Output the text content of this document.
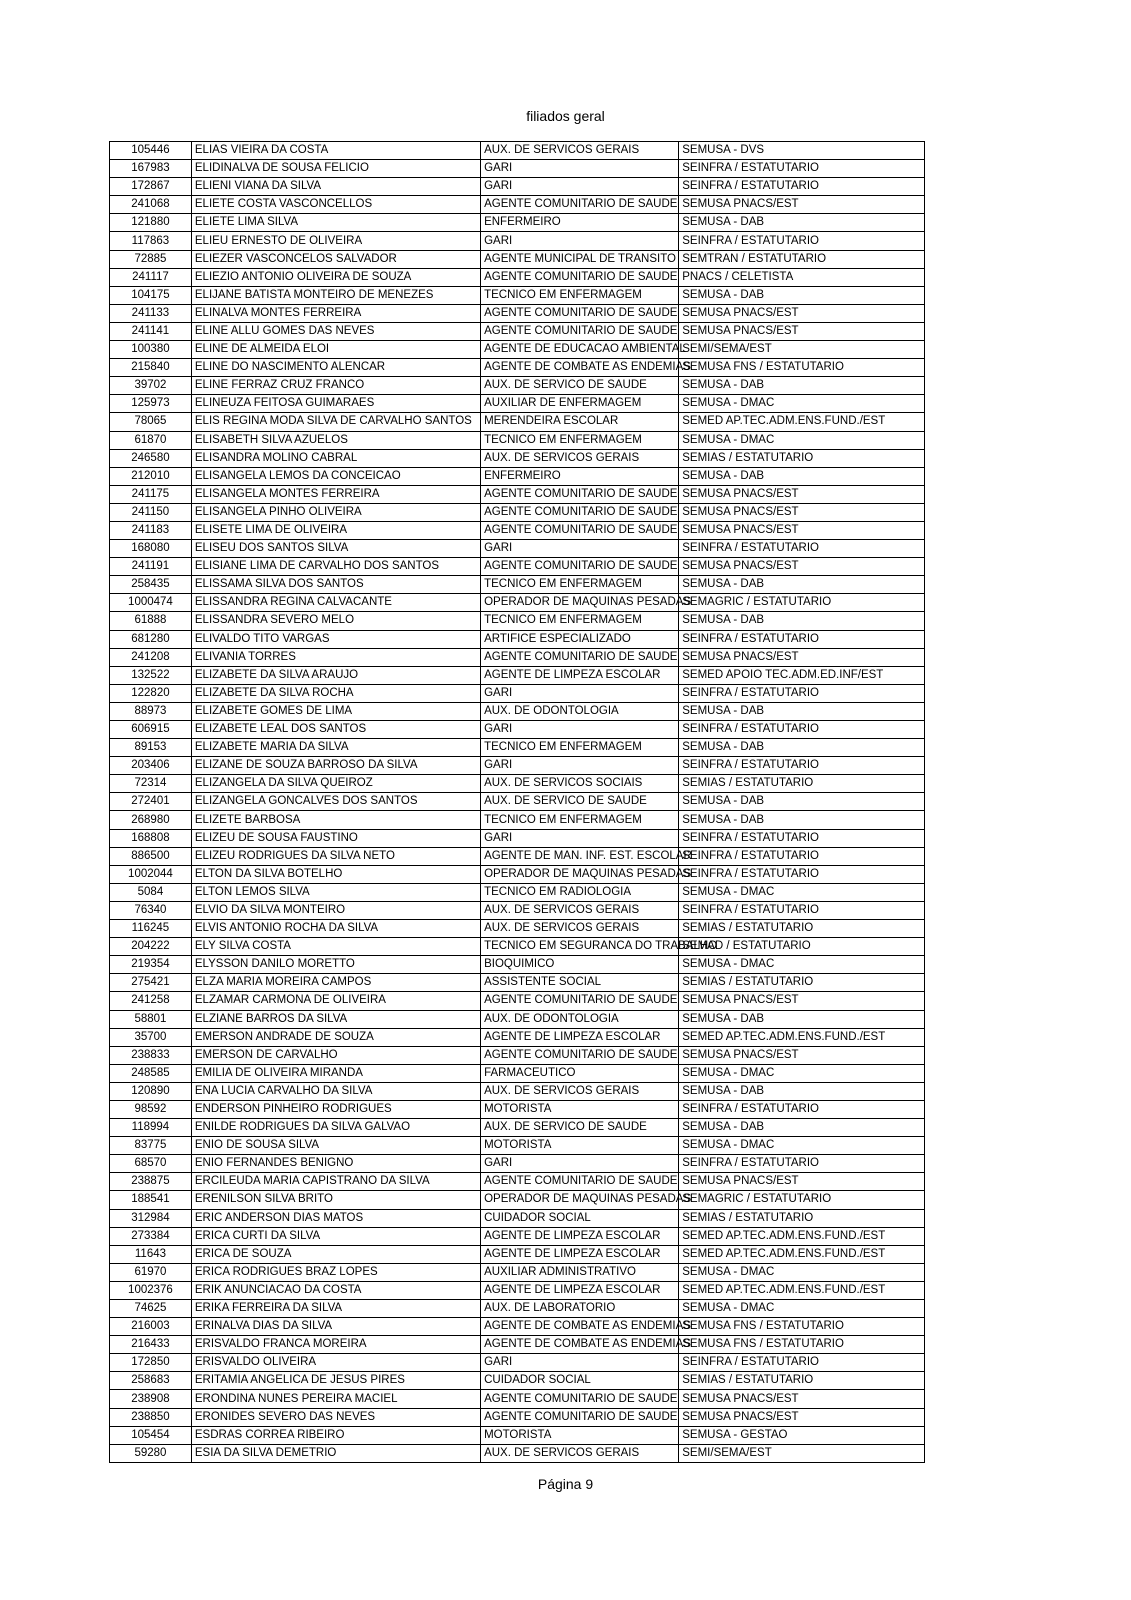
filiados geral
105446	ELIAS VIEIRA DA COSTA	AUX. DE SERVICOS GERAIS	SEMUSA - DVS
167983	ELIDINALVA DE SOUSA FELICIO	GARI	SEINFRA / ESTATUTARIO
172867	ELIENI VIANA DA SILVA	GARI	SEINFRA / ESTATUTARIO
241068	ELIETE COSTA VASCONCELLOS	AGENTE COMUNITARIO DE SAUDE	SEMUSA PNACS/EST
121880	ELIETE LIMA SILVA	ENFERMEIRO	SEMUSA - DAB
117863	ELIEU ERNESTO DE OLIVEIRA	GARI	SEINFRA / ESTATUTARIO
72885	ELIEZER VASCONCELOS SALVADOR	AGENTE MUNICIPAL DE TRANSITO	SEMTRAN / ESTATUTARIO
241117	ELIEZIO ANTONIO OLIVEIRA DE SOUZA	AGENTE COMUNITARIO DE SAUDE	PNACS / CELETISTA
104175	ELIJANE BATISTA MONTEIRO DE MENEZES	TECNICO EM ENFERMAGEM	SEMUSA - DAB
241133	ELINALVA MONTES FERREIRA	AGENTE COMUNITARIO DE SAUDE	SEMUSA PNACS/EST
241141	ELINE ALLU GOMES DAS NEVES	AGENTE COMUNITARIO DE SAUDE	SEMUSA PNACS/EST
100380	ELINE DE ALMEIDA ELOI	AGENTE DE EDUCACAO AMBIENTAL	SEMI/SEMA/EST
215840	ELINE DO NASCIMENTO ALENCAR	AGENTE DE COMBATE AS ENDEMIAS	SEMUSA FNS / ESTATUTARIO
39702	ELINE FERRAZ CRUZ FRANCO	AUX. DE SERVICO DE SAUDE	SEMUSA - DAB
125973	ELINEUZA FEITOSA GUIMARAES	AUXILIAR DE ENFERMAGEM	SEMUSA - DMAC
78065	ELIS REGINA MODA SILVA DE CARVALHO SANTOS	MERENDEIRA ESCOLAR	SEMED AP.TEC.ADM.ENS.FUND./EST
61870	ELISABETH SILVA AZUELOS	TECNICO EM ENFERMAGEM	SEMUSA - DMAC
246580	ELISANDRA MOLINO CABRAL	AUX. DE SERVICOS GERAIS	SEMIAS / ESTATUTARIO
212010	ELISANGELA LEMOS DA CONCEICAO	ENFERMEIRO	SEMUSA - DAB
241175	ELISANGELA MONTES FERREIRA	AGENTE COMUNITARIO DE SAUDE	SEMUSA PNACS/EST
241150	ELISANGELA PINHO OLIVEIRA	AGENTE COMUNITARIO DE SAUDE	SEMUSA PNACS/EST
241183	ELISETE LIMA DE OLIVEIRA	AGENTE COMUNITARIO DE SAUDE	SEMUSA PNACS/EST
168080	ELISEU DOS SANTOS SILVA	GARI	SEINFRA / ESTATUTARIO
241191	ELISIANE LIMA DE CARVALHO DOS SANTOS	AGENTE COMUNITARIO DE SAUDE	SEMUSA PNACS/EST
258435	ELISSAMA SILVA DOS SANTOS	TECNICO EM ENFERMAGEM	SEMUSA - DAB
1000474	ELISSANDRA REGINA CALVACANTE	OPERADOR DE MAQUINAS PESADAS	SEMAGRIC / ESTATUTARIO
61888	ELISSANDRA SEVERO MELO	TECNICO EM ENFERMAGEM	SEMUSA - DAB
681280	ELIVALDO TITO VARGAS	ARTIFICE ESPECIALIZADO	SEINFRA / ESTATUTARIO
241208	ELIVANIA TORRES	AGENTE COMUNITARIO DE SAUDE	SEMUSA PNACS/EST
132522	ELIZABETE DA SILVA ARAUJO	AGENTE DE LIMPEZA ESCOLAR	SEMED APOIO TEC.ADM.ED.INF/EST
122820	ELIZABETE DA SILVA ROCHA	GARI	SEINFRA / ESTATUTARIO
88973	ELIZABETE GOMES DE LIMA	AUX. DE ODONTOLOGIA	SEMUSA - DAB
606915	ELIZABETE LEAL DOS SANTOS	GARI	SEINFRA / ESTATUTARIO
89153	ELIZABETE MARIA DA SILVA	TECNICO EM ENFERMAGEM	SEMUSA - DAB
203406	ELIZANE DE SOUZA BARROSO DA SILVA	GARI	SEINFRA / ESTATUTARIO
72314	ELIZANGELA DA SILVA QUEIROZ	AUX. DE SERVICOS SOCIAIS	SEMIAS / ESTATUTARIO
272401	ELIZANGELA GONCALVES DOS SANTOS	AUX. DE SERVICO DE SAUDE	SEMUSA - DAB
268980	ELIZETE BARBOSA	TECNICO EM ENFERMAGEM	SEMUSA - DAB
168808	ELIZEU DE SOUSA FAUSTINO	GARI	SEINFRA / ESTATUTARIO
886500	ELIZEU RODRIGUES DA SILVA NETO	AGENTE DE MAN. INF. EST. ESCOLAR	SEINFRA / ESTATUTARIO
1002044	ELTON DA SILVA BOTELHO	OPERADOR DE MAQUINAS PESADAS	SEINFRA / ESTATUTARIO
5084	ELTON LEMOS SILVA	TECNICO EM RADIOLOGIA	SEMUSA - DMAC
76340	ELVIO DA SILVA MONTEIRO	AUX. DE SERVICOS GERAIS	SEINFRA / ESTATUTARIO
116245	ELVIS ANTONIO ROCHA DA SILVA	AUX. DE SERVICOS GERAIS	SEMIAS / ESTATUTARIO
204222	ELY SILVA COSTA	TECNICO EM SEGURANCA DO TRABALHO	SEMAD / ESTATUTARIO
219354	ELYSSON DANILO MORETTO	BIOQUIMICO	SEMUSA - DMAC
275421	ELZA MARIA MOREIRA CAMPOS	ASSISTENTE SOCIAL	SEMIAS / ESTATUTARIO
241258	ELZAMAR CARMONA DE OLIVEIRA	AGENTE COMUNITARIO DE SAUDE	SEMUSA PNACS/EST
58801	ELZIANE BARROS DA SILVA	AUX. DE ODONTOLOGIA	SEMUSA - DAB
35700	EMERSON ANDRADE DE SOUZA	AGENTE DE LIMPEZA ESCOLAR	SEMED AP.TEC.ADM.ENS.FUND./EST
238833	EMERSON DE CARVALHO	AGENTE COMUNITARIO DE SAUDE	SEMUSA PNACS/EST
248585	EMILIA DE OLIVEIRA MIRANDA	FARMACEUTICO	SEMUSA - DMAC
120890	ENA LUCIA CARVALHO DA SILVA	AUX. DE SERVICOS GERAIS	SEMUSA - DAB
98592	ENDERSON PINHEIRO RODRIGUES	MOTORISTA	SEINFRA / ESTATUTARIO
118994	ENILDE RODRIGUES DA SILVA GALVAO	AUX. DE SERVICO DE SAUDE	SEMUSA - DAB
83775	ENIO DE SOUSA SILVA	MOTORISTA	SEMUSA - DMAC
68570	ENIO FERNANDES BENIGNO	GARI	SEINFRA / ESTATUTARIO
238875	ERCILEUDA MARIA CAPISTRANO DA SILVA	AGENTE COMUNITARIO DE SAUDE	SEMUSA PNACS/EST
188541	ERENILSON SILVA BRITO	OPERADOR DE MAQUINAS PESADAS	SEMAGRIC / ESTATUTARIO
312984	ERIC ANDERSON DIAS MATOS	CUIDADOR SOCIAL	SEMIAS / ESTATUTARIO
273384	ERICA CURTI DA SILVA	AGENTE DE LIMPEZA ESCOLAR	SEMED AP.TEC.ADM.ENS.FUND./EST
11643	ERICA DE SOUZA	AGENTE DE LIMPEZA ESCOLAR	SEMED AP.TEC.ADM.ENS.FUND./EST
61970	ERICA RODRIGUES BRAZ LOPES	AUXILIAR ADMINISTRATIVO	SEMUSA - DMAC
1002376	ERIK ANUNCIACAO DA COSTA	AGENTE DE LIMPEZA ESCOLAR	SEMED AP.TEC.ADM.ENS.FUND./EST
74625	ERIKA FERREIRA DA SILVA	AUX. DE LABORATORIO	SEMUSA - DMAC
216003	ERINALVA DIAS DA SILVA	AGENTE DE COMBATE AS ENDEMIAS	SEMUSA FNS / ESTATUTARIO
216433	ERISVALDO FRANCA MOREIRA	AGENTE DE COMBATE AS ENDEMIAS	SEMUSA FNS / ESTATUTARIO
172850	ERISVALDO OLIVEIRA	GARI	SEINFRA / ESTATUTARIO
258683	ERITAMIA ANGELICA DE JESUS PIRES	CUIDADOR SOCIAL	SEMIAS / ESTATUTARIO
238908	ERONDINA NUNES PEREIRA MACIEL	AGENTE COMUNITARIO DE SAUDE	SEMUSA PNACS/EST
238850	ERONIDES SEVERO DAS NEVES	AGENTE COMUNITARIO DE SAUDE	SEMUSA PNACS/EST
105454	ESDRAS CORREA RIBEIRO	MOTORISTA	SEMUSA - GESTAO
59280	ESIA DA SILVA DEMETRIO	AUX. DE SERVICOS GERAIS	SEMI/SEMA/EST
Página 9
